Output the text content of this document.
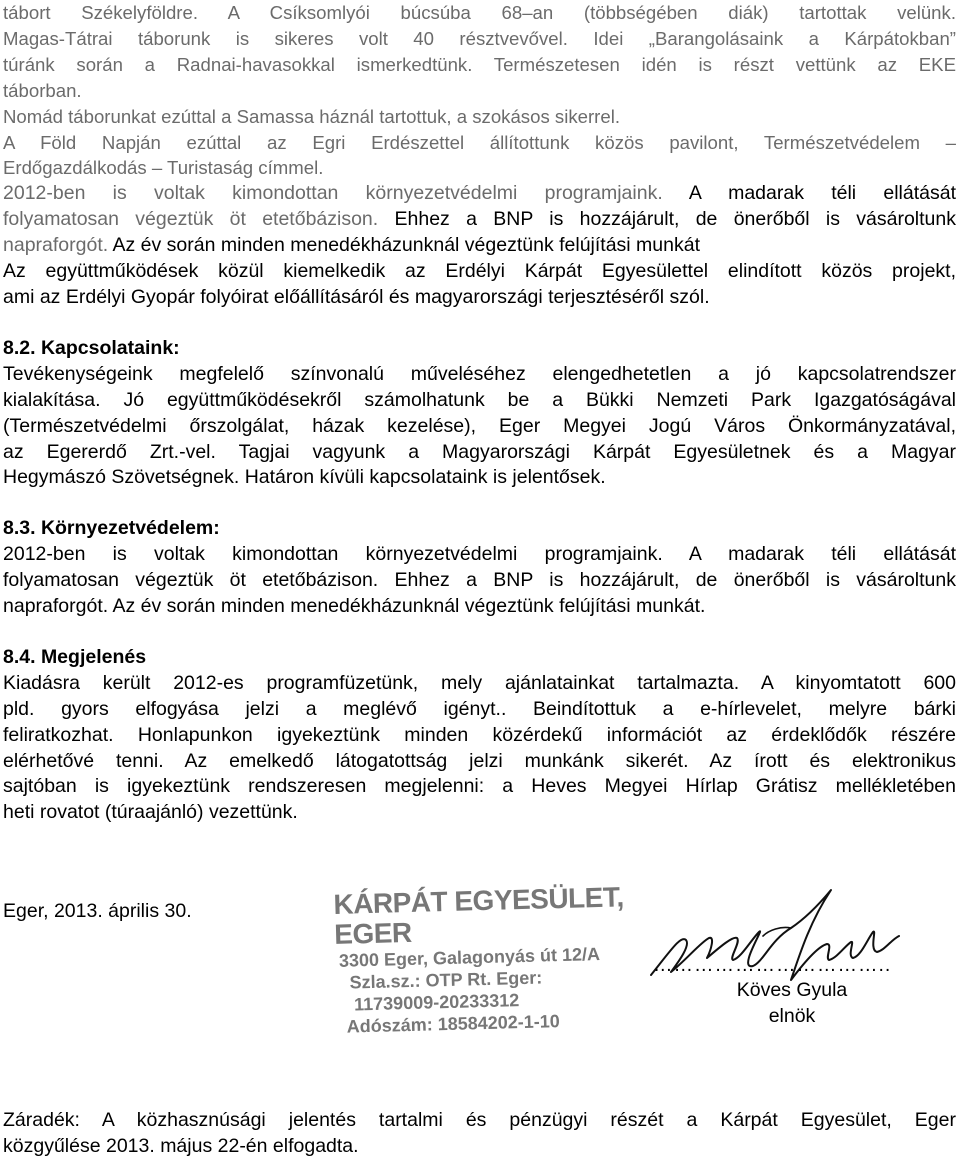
tábort Székelyföldre. A Csíksomlyói búcsúba 68–an (többségében diák) tartottak velünk.
Magas-Tátrai táborunk is sikeres volt 40 résztvevővel. Idei „Barangolásaink a Kárpátokban”
túránk során a Radnai-havasokkal ismerkedtünk. Természetesen idén is részt vettünk az EKE
táborban.
Nomád táborunkat ezúttal a Samassa háznál tartottuk, a szokásos sikerrel.
A Föld Napján ezúttal az Egri Erdészettel állítottunk közös pavilont, Természetvédelem –
Erdőgazdálkodás – Turistaság címmel.
2012-ben is voltak kimondottan környezetvédelmi programjaink. A madarak téli ellátását
folyamatosan végeztük öt etetőbázison. Ehhez a BNP is hozzájárult, de önerőből is vásároltunk
napraforgót. Az év során minden menedékházunknál végeztünk felújítási munkát
Az együttműködések közül kiemelkedik az Erdélyi Kárpát Egyesülettel elindított közös projekt,
ami az Erdélyi Gyopár folyóirat előállításáról és magyarországi terjesztéséről szól.
8.2. Kapcsolataink:
Tevékenységeink megfelelő színvonalú műveléséhez elengedhetetlen a jó kapcsolatrendszer
kialakítása. Jó együttműködésekről számolhatunk be a Bükki Nemzeti Park Igazgatóságával
(Természetvédelmi őrszolgálat, házak kezelése), Eger Megyei Jogú Város Önkormányzatával,
az Egererdő Zrt.-vel. Tagjai vagyunk a Magyarországi Kárpát Egyesületnek és a Magyar
Hegymászó Szövetségnek. Határon kívüli kapcsolataink is jelentősek.
8.3. Környezetvédelem:
2012-ben is voltak kimondottan környezetvédelmi programjaink. A madarak téli ellátását
folyamatosan végeztük öt etetőbázison. Ehhez a BNP is hozzájárult, de önerőből is vásároltunk
napraforgót. Az év során minden menedékházunknál végeztünk felújítási munkát.
8.4. Megjelenés
Kiadásra került 2012-es programfüzetünk, mely ajánlatainkat tartalmazta. A kinyomtatott 600
pld. gyors elfogyása jelzi a meglévő igényt.. Beindítottuk a e-hírlevelet, melyre bárki
feliratkozhat. Honlapunkon igyekeztünk minden közérdekű információt az érdeklődők részére
elérhetővé tenni. Az emelkedő látogatottság jelzi munkánk sikerét. Az írott és elektronikus
sajtóban is igyekeztünk rendszeresen megjelenni: a Heves Megyei Hírlap Grátisz mellékletében
heti rovatot (túraajánló) vezettünk.
Eger, 2013. április 30.	KÁRPÁT EGYESÜLET, EGER
3300 Eger, Galagonyás út 12/A
Szla.sz.: OTP Rt. Eger:
11739009-20233312
Adószám: 18584202-1-10
……………………………..
Köves Gyula
elnök
Záradék: A közhasznúsági jelentés tartalmi és pénzügyi részét a Kárpát Egyesület, Eger
közgyűlése 2013. május 22-én elfogadta.
